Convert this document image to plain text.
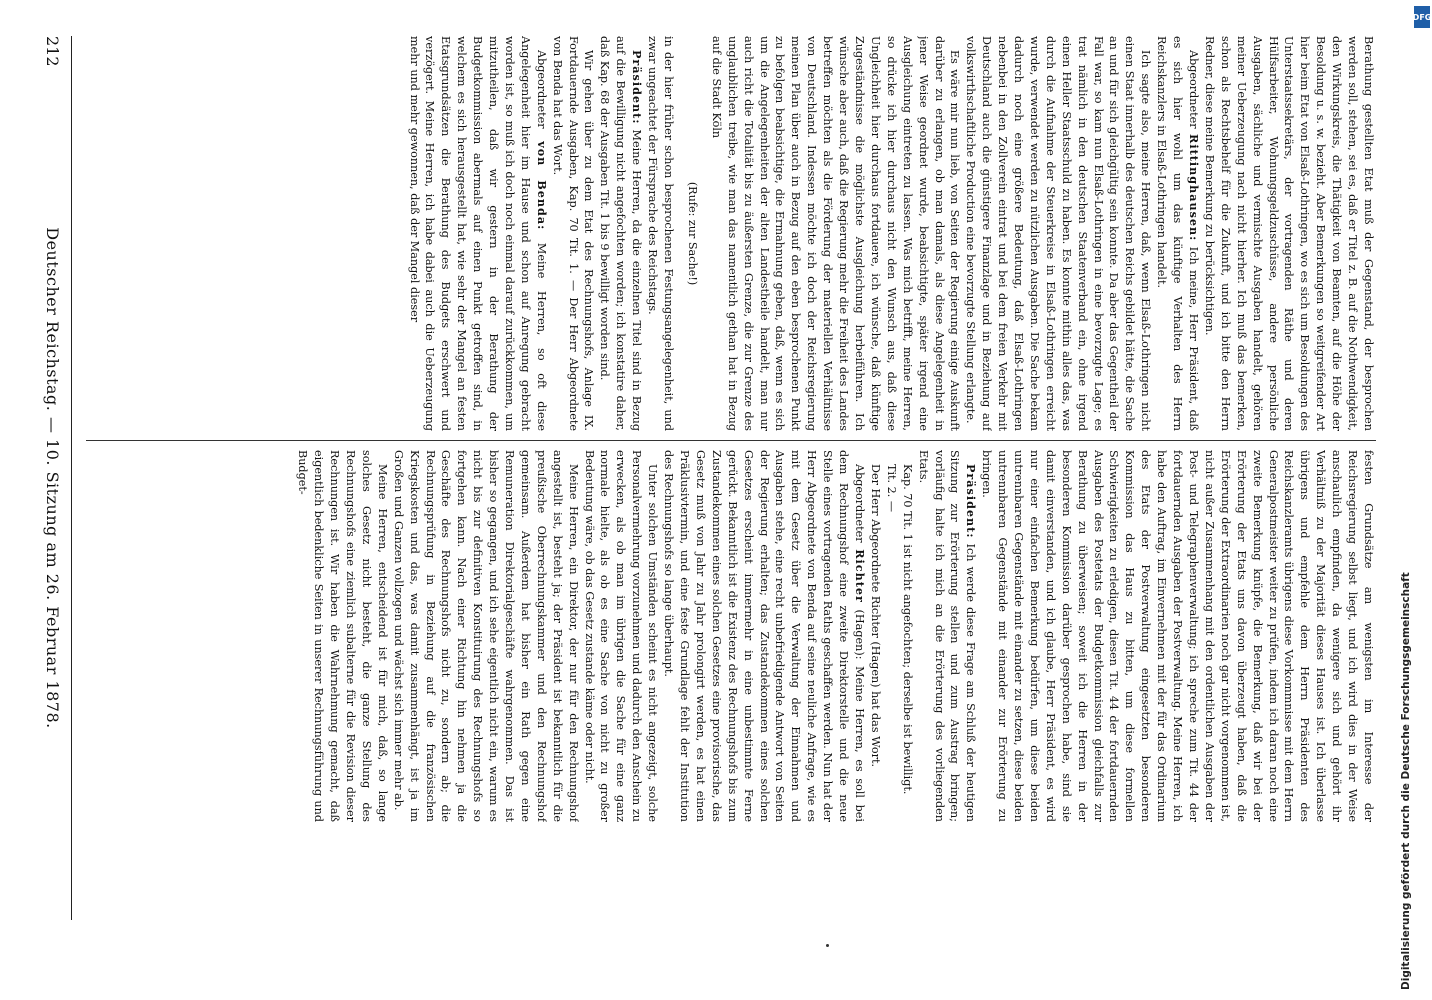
212
Deutscher Reichstag. — 10. Sitzung am 26. Februar 1878.	Berathung gestellten Etat muß der Gegenstand, der besprochen werden soll, stehen, sei es, daß er Titel z. B. auf die Nothwendigkeit, den Wirkungskreis, die Thätigkeit von Beamten, auf die Höhe der Besoldung u. s. w. bezieht. Aber Bemerkungen so weitgreifender Art hier beim Etat von Elsaß-Lothringen, wo es sich um Besoldungen des Unterstaatssekretärs, der vortragenden Räthe und deren Hülfsarbeiter, Wohnungsgeldzuschüsse, andere persönliche Ausgaben, sächliche und vermischte Ausgaben handelt, gehören meiner Ueberzeugung nach nicht hierher. Ich muß das bemerken, schon als Rechtsbehelf für die Zukunft, und ich bitte den Herrn Redner, diese meine Bemerkung zu berücksichtigen.

Abgeordneter Rittinghausen: Ich meine, Herr Präsident, daß es sich hier wohl um das künftige Verhalten des Herrn Reichskanzlers in Elsaß-Lothringen handelt.

Ich sagte also, meine Herren, daß, wenn Elsaß-Lothringen nicht einen Staat innerhalb des deutschen Reichs gebildet hätte, die Sache an und für sich gleichgültig sein konnte. Da aber das Gegentheil der Fall war, so kam nun Elsaß-Lothringen in eine bevorzugte Lage; es trat nämlich in den deutschen Staatenverband ein, ohne irgend einen Heller Staatsschuld zu haben. Es konnte mithin alles das, was durch die Aufnahme der Steuerkreise in Elsaß-Lothringen erreicht wurde, verwendet werden zu nützlichen Ausgaben. Die Sache bekam dadurch noch eine größere Bedeutung, daß Elsaß-Lothringen nebenbei in den Zollverein eintrat und bei dem freien Verkehr mit Deutschland auch die günstigere Finanzlage und in Beziehung auf volkswirthschaftliche Production eine bevorzugte Stellung erlangte.

Es wäre mir nun lieb, von Seiten der Regierung einige Auskunft darüber zu erlangen, ob man damals, als diese Angelegenheit in jener Weise geordnet wurde, beabsichtigte, später irgend eine Ausgleichung eintreten zu lassen. Was mich betrifft, meine Herren, so drücke ich hier durchaus nicht den Wunsch aus, daß diese Ungleichheit hier durchaus fortdauere, ich wünsche, daß künftige Zugeständnisse die möglichste Ausgleichung herbeiführen. Ich wünsche aber auch, daß die Regierung mehr die Freiheit des Landes betreffen möchten als die Förderung der materiellen Verhältnisse von Deutschland. Indessen möchte ich doch der Reichsregierung meinen Plan über auch in Bezug auf den eben besprochenen Punkt zu befolgen beabsichtige, die Ermahnung geben, daß, wenn es sich um die Angelegenheiten der alten Landestheile handelt, man nur auch richt die Totalität bis zu äußersten Grenze, die zur Grenze des unglaublichen treibe, wie man das namentlich gethan hat in Bezug auf die Stadt Köln

(Rufe: zur Sache!)

in der hier früher schon besprochenen Festungsangelegenheit, und zwar ungeachtet der Fürsprache des Reichstags.

Präsident: Meine Herren, da die einzelnen Titel sind in Bezug auf die Bewilligung nicht angefochten worden; ich konstatire daher, daß Kap. 68 der Ausgaben Tit. 1 bis 9 bewilligt worden sind.

Wir gehen über zu dem Etat des Rechnungshofs, Anlage IX. Fortdauernde Ausgaben, Kap. 70 Tit. 1. — Der Herr Abgeordnete von Benda hat das Wort.

Abgeordneter von Benda: Meine Herren, so oft diese Angelegenheit hier im Hause und schon auf Anregung gebracht worden ist, so muß ich doch noch einmal darauf zurückkommen, um mitzutheilen, daß wir gestern in der Berathung der Budgetkommission abermals auf einen Punkt getroffen sind, in welchem es sich herausgestellt hat, wie sehr der Mangel an festen Etatsgrundsätzen die Berathung des Budgets erschwert und verzögert. Meine Herren, ich habe dabei auch die Ueberzeugung mehr und mehr gewonnen, daß der Mangel dieser

festen Grundsätze am wenigsten im Interesse der Reichsregierung selbst liegt, und ich wird dies in der Weise anschaulich empfinden, da wenigere sich und gehört ihr Verhältniß zu der Majorität dieses Hauses ist. Ich überlasse übrigens und empfehle dem Herrn Präsidenten des Reichskanzleramts übrigens diese Vorkommnisse mit dem Herrn Generalpostmeister weiter zu prüfen, indem ich daran noch eine zweite Bemerkung knüpfe, die Bemerkung, daß wir bei der Erörterung der Etats uns davon überzeugt haben, daß die Erörterung der Extraordinarien noch gar nicht vorgenommen ist, nicht außer Zusammenhang mit den ordentlichen Ausgaben der Post- und Telegraphenverwaltung; ich spreche zum Tit. 44 der fortdauernden Ausgaben der Postverwaltung. Meine Herren, ich habe den Auftrag, im Einvernehmen mit der für das Ordinarium des Etats der Postverwaltung eingesetzten besonderen Kommission das Haus zu bitten, um diese formellen Schwierigkeiten zu erledigen, diesen Tit. 44 der fortdauernden Ausgaben des Postetats der Budgetkommission gleichfalls zur Berathung zu überweisen; soweit ich die Herren in der besonderen Kommission darüber gesprochen habe, sind sie damit einverstanden, und ich glaube, Herr Präsident, es wird nur einer einfachen Bemerkung bedürfen, um diese beiden untrennbaren Gegenstände mit einander zu setzen, diese beiden untrennbaren Gegenstände mit einander zur Erörterung zu bringen.

Präsident: Ich werde diese Frage am Schluß der heutigen Sitzung zur Erörterung stellen und zum Austrag bringen; vorläufig halte ich mich an die Erörterung des vorliegenden Etats.

Kap. 70 Tit. 1 ist nicht angefochten; derselbe ist bewilligt.

Tit. 2. —

Der Herr Abgeordnete Richter (Hagen) hat das Wort.

Abgeordneter Richter (Hagen): Meine Herren, es soll bei dem Rechnungshof eine zweite Direktorstelle und die neue Stelle eines vortragenden Raths geschaffen werden. Nun hat der Herr Abgeordnete von Benda auf seine neuliche Anfrage, wie es mit dem Gesetz über die Verwaltung der Einnahmen und Ausgaben stehe, eine recht unbefriedigende Antwort von Seiten der Regierung erhalten; das Zustandekommen eines solchen Gesetzes erscheint immermehr in eine unbestimmte Ferne gerückt. Bekanntlich ist die Existenz des Rechnungshofs bis zum Zustandekommen eines solchen Gesetzes eine provisorische, das Gesetz muß von Jahr zu Jahr prolongirt werden, es hat einen Präklusivtermin, und eine feste Grundlage fehlt der Institution des Rechnungshofs so lange überhaupt.

Unter solchen Umständen scheint es nicht angezeigt, solche Personalvermehrung vorzunehmen und dadurch den Anschein zu erwecken, als ob man im übrigen die Sache für eine ganz normale hielte, als ob es eine Sache von nicht zu großer Bedeutung wäre, ob das Gesetz zustande käme oder nicht.

Meine Herren, ein Direktor, der nur für den Rechnungshof angestellt ist, besteht ja; der Präsident ist bekanntlich für die preußische Oberrechnungskammer und den Rechnungshof gemeinsam. Außerdem hat bisher ein Rath gegen eine Remuneration Direktorialgeschäfte wahrgenommen. Das ist bisher so gegangen, und ich sehe eigentlich nicht ein, warum es nicht bis zur definitiven Konstituirung des Rechnungshofs so fortgehen kann. Nach einer Richtung hin nehmen ja die Geschäfte des Rechnungshofs nicht zu, sondern ab; die Rechnungsprüfung in Beziehung auf die französischen Kriegskosten und das, was damit zusammenhängt, ist ja im Großen und Ganzen vollzogen und wächst sich immer mehr ab.

Meine Herren, entscheidend ist für mich, daß, so lange solches Gesetz nicht besteht, die ganze Stellung des Rechnungshofs eine ziemlich subalterne für die Revision dieser Rechnungen ist. Wir haben die Wahrnehmung gemacht, daß eigentlich bedenkliche Seiten in unserer Rechnungsführung und Budget-

Digitalisierung gefördert durch die Deutsche Forschungsgemeinschaft
DFG
